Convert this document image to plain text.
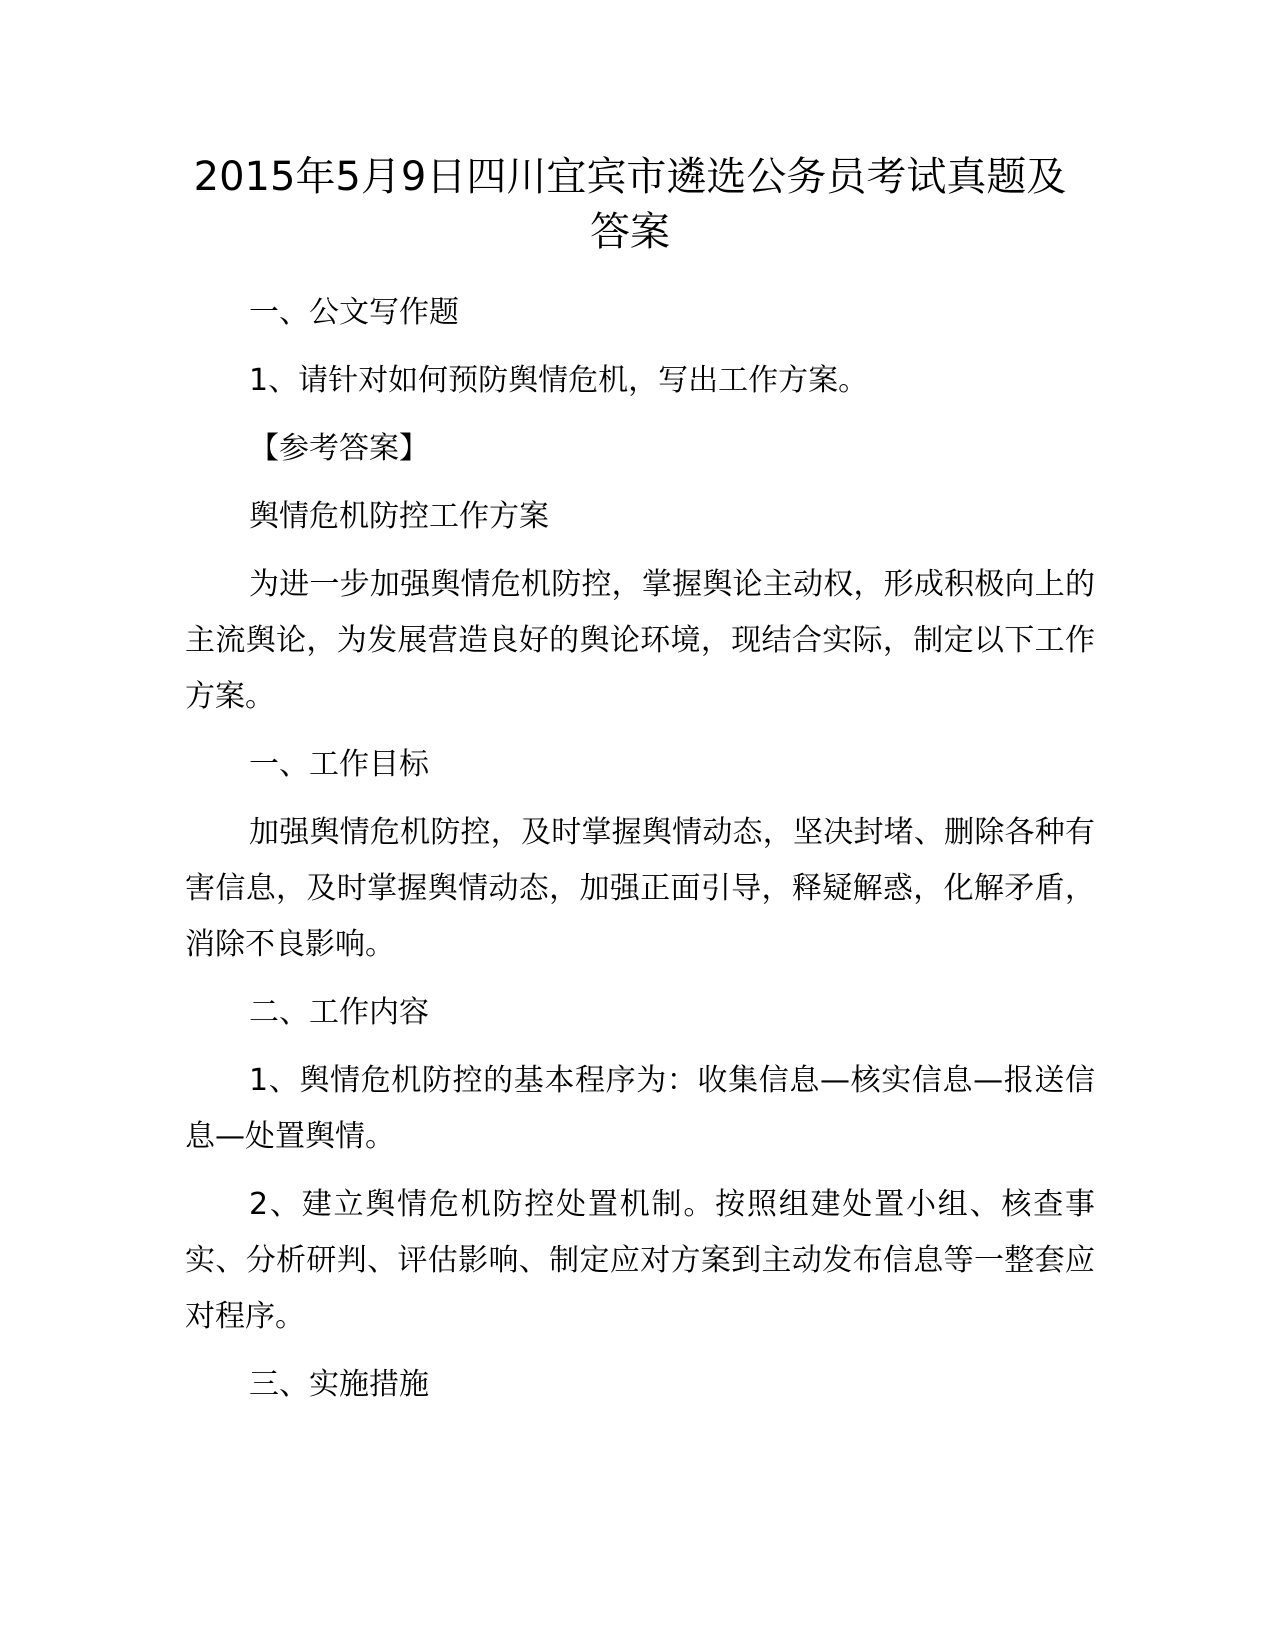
2015年5月9日四川宜宾市遴选公务员考试真题及答案

一、公文写作题

1、请针对如何预防舆情危机，写出工作方案。

【参考答案】

舆情危机防控工作方案

为进一步加强舆情危机防控，掌握舆论主动权，形成积极向上的主流舆论，为发展营造良好的舆论环境，现结合实际，制定以下工作方案。

一、工作目标

加强舆情危机防控，及时掌握舆情动态，坚决封堵、删除各种有害信息，及时掌握舆情动态，加强正面引导，释疑解惑，化解矛盾，消除不良影响。

二、工作内容

1、舆情危机防控的基本程序为：收集信息—核实信息—报送信息—处置舆情。

2、建立舆情危机防控处置机制。按照组建处置小组、核查事实、分析研判、评估影响、制定应对方案到主动发布信息等一整套应对程序。

三、实施措施
